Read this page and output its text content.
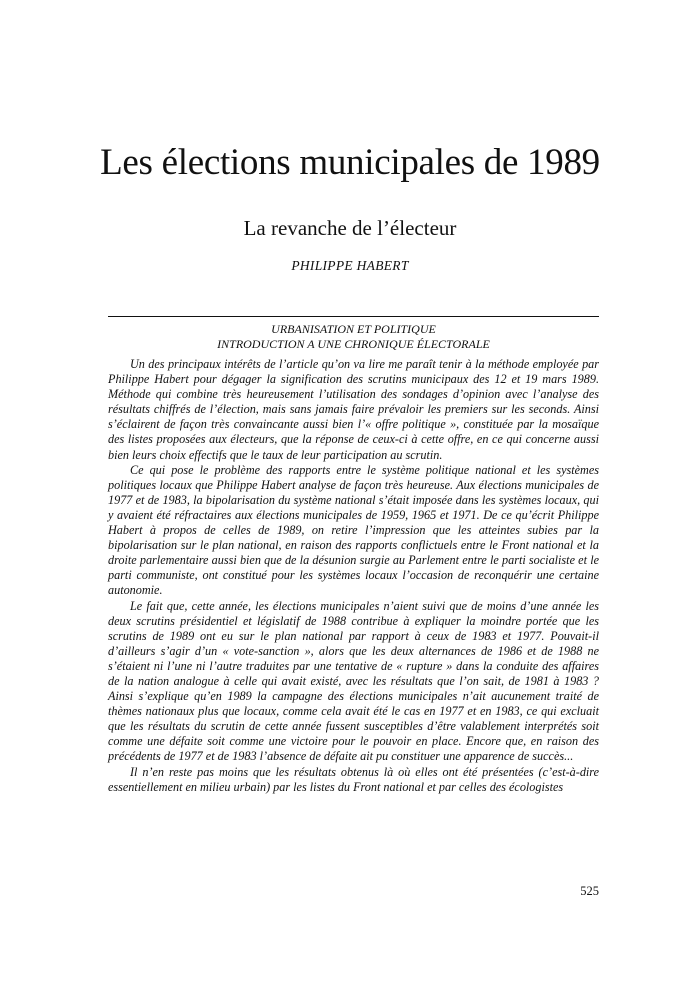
Les élections municipales de 1989
La revanche de l’électeur
PHILIPPE HABERT
URBANISATION ET POLITIQUE
INTRODUCTION A UNE CHRONIQUE ÉLECTORALE

Un des principaux intérêts de l’article qu’on va lire me paraît tenir à la méthode employée par Philippe Habert pour dégager la signification des scrutins municipaux des 12 et 19 mars 1989. Méthode qui combine très heureusement l’utilisation des sondages d’opinion avec l’analyse des résultats chiffrés de l’élection, mais sans jamais faire prévaloir les premiers sur les seconds. Ainsi s’éclairent de façon très convaincante aussi bien l’« offre politique », constituée par la mosaïque des listes proposées aux électeurs, que la réponse de ceux-ci à cette offre, en ce qui concerne aussi bien leurs choix effectifs que le taux de leur participation au scrutin.

Ce qui pose le problème des rapports entre le système politique national et les systèmes politiques locaux que Philippe Habert analyse de façon très heureuse. Aux élections municipales de 1977 et de 1983, la bipolarisation du système national s’était imposée dans les systèmes locaux, qui y avaient été réfractaires aux élections municipales de 1959, 1965 et 1971. De ce qu’écrit Philippe Habert à propos de celles de 1989, on retire l’impression que les atteintes subies par la bipolarisation sur le plan national, en raison des rapports conflictuels entre le Front national et la droite parlementaire aussi bien que de la désunion surgie au Parlement entre le parti socialiste et le parti communiste, ont constitué pour les systèmes locaux l’occasion de reconquérir une certaine autonomie.

Le fait que, cette année, les élections municipales n’aient suivi que de moins d’une année les deux scrutins présidentiel et législatif de 1988 contribue à expliquer la moindre portée que les scrutins de 1989 ont eu sur le plan national par rapport à ceux de 1983 et 1977. Pouvait-il d’ailleurs s’agir d’un « vote-sanction », alors que les deux alternances de 1986 et de 1988 ne s’étaient ni l’une ni l’autre traduites par une tentative de « rupture » dans la conduite des affaires de la nation analogue à celle qui avait existé, avec les résultats que l’on sait, de 1981 à 1983 ? Ainsi s’explique qu’en 1989 la campagne des élections municipales n’ait aucunement traité de thèmes nationaux plus que locaux, comme cela avait été le cas en 1977 et en 1983, ce qui excluait que les résultats du scrutin de cette année fussent susceptibles d’être valablement interprétés soit comme une défaite soit comme une victoire pour le pouvoir en place. Encore que, en raison des précédents de 1977 et de 1983 l’absence de défaite ait pu constituer une apparence de succès...

Il n’en reste pas moins que les résultats obtenus là où elles ont été présentées (c’est-à-dire essentiellement en milieu urbain) par les listes du Front national et par celles des écologistes

525
